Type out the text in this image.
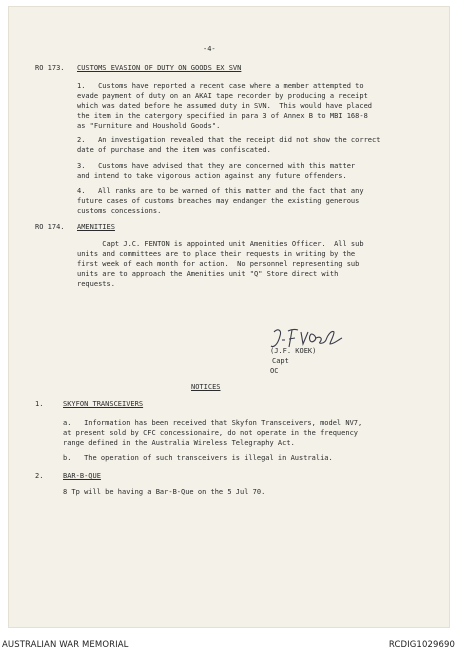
-4-
RO 173. CUSTOMS EVASION OF DUTY ON GOODS EX SVN
1.   Customs have reported a recent case where a member attempted to
evade payment of duty on an AKAI tape recorder by producing a receipt
which was dated before he assumed duty in SVN.  This would have placed
the item in the catergory specified in para 3 of Annex B to MBI 168-8
as "Furniture and Houshold Goods".
2.   An investigation revealed that the receipt did not show the correct
date of purchase and the item was confiscated.
3.   Customs have advised that they are concerned with this matter
and intend to take vigorous action against any future offenders.
4.   All ranks are to be warned of this matter and the fact that any
future cases of customs breaches may endanger the existing generous
customs concessions.
RO 174. AMENITIES
Capt J.C. FENTON is appointed unit Amenities Officer.  All sub
units and committees are to place their requests in writing by the
first week of each month for action.  No personnel representing sub
units are to approach the Amenities unit "Q" Store direct with
requests.
(J.F. KOEK)
Capt
OC
NOTICES
1.	SKYFON TRANSCEIVERS
a.   Information has been received that Skyfon Transceivers, model NV7,
at present sold by CFC concessionaire, do not operate in the frequency
range defined in the Australia Wireless Telegraphy Act.
b.   The operation of such transceivers is illegal in Australia.
2.	BAR-B-QUE
8 Tp will be having a Bar-B-Que on the 5 Jul 70.
AUSTRALIAN WAR MEMORIAL	RCDIG1029690
